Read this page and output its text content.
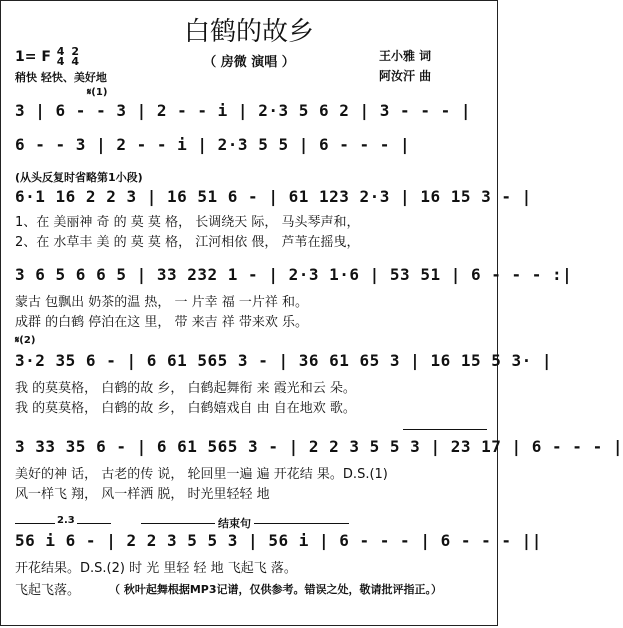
白鹤的故乡
（ 房微 演唱 ）
1= F 4
4

2
4
稍快 轻快、美好地
王小雅 词
阿汝汗 曲
𝄋(1)
3 | 6 - - 3 | 2 - - i | 2·3 5 6 2 | 3 - - - |
6 - - 3 | 2 - - i | 2·3 5 5 | 6 - - - |
(从头反复时省略第1小段)
6·1 16 2 2 3 | 16 51 6 - | 61 123 2·3 | 16 15 3 - |
1、在 美丽神 奇 的 莫 莫 格， 长调绕天 际， 马头琴声和，
2、在 水草丰 美 的 莫 莫 格， 江河相依 偎， 芦苇在摇曳，
3 6 5 6 6 5 | 33 232 1 - | 2·3 1·6 | 53 51 | 6 - - - :|
蒙古 包飘出 奶茶的温 热， 一 片幸 福 一片祥 和。
成群 的白鹤 停泊在这 里， 带 来吉 祥 带来欢 乐。
𝄋(2)
3·2 35 6 - | 6 61 565 3 - | 36 61 65 3 | 16 15 5 3· |
我 的莫莫格， 白鹤的故 乡， 白鹤起舞衔 来 霞光和云 朵。
我 的莫莫格， 白鹤的故 乡， 白鹤嬉戏自 由 自在地欢 歌。
3 33 35 6 - | 6 61 565 3 - | 2 2 3 5 5 3 | 23 17 | 6 - - - |
美好的神 话， 古老的传 说， 轮回里一遍 遍 开花结 果。D.S.(1)
风一样飞 翔， 风一样洒 脱， 时光里轻轻 地
2.3	结束句
56 i 6 - | 2 2 3 5 5 3 | 56 i | 6 - - - | 6 - - - ||
开花结果。D.S.(2) 时 光 里轻 轻 地 飞起飞 落。
飞起飞落。	（ 秋叶起舞根据MP3记谱，仅供参考。错误之处，敬请批评指正。）
